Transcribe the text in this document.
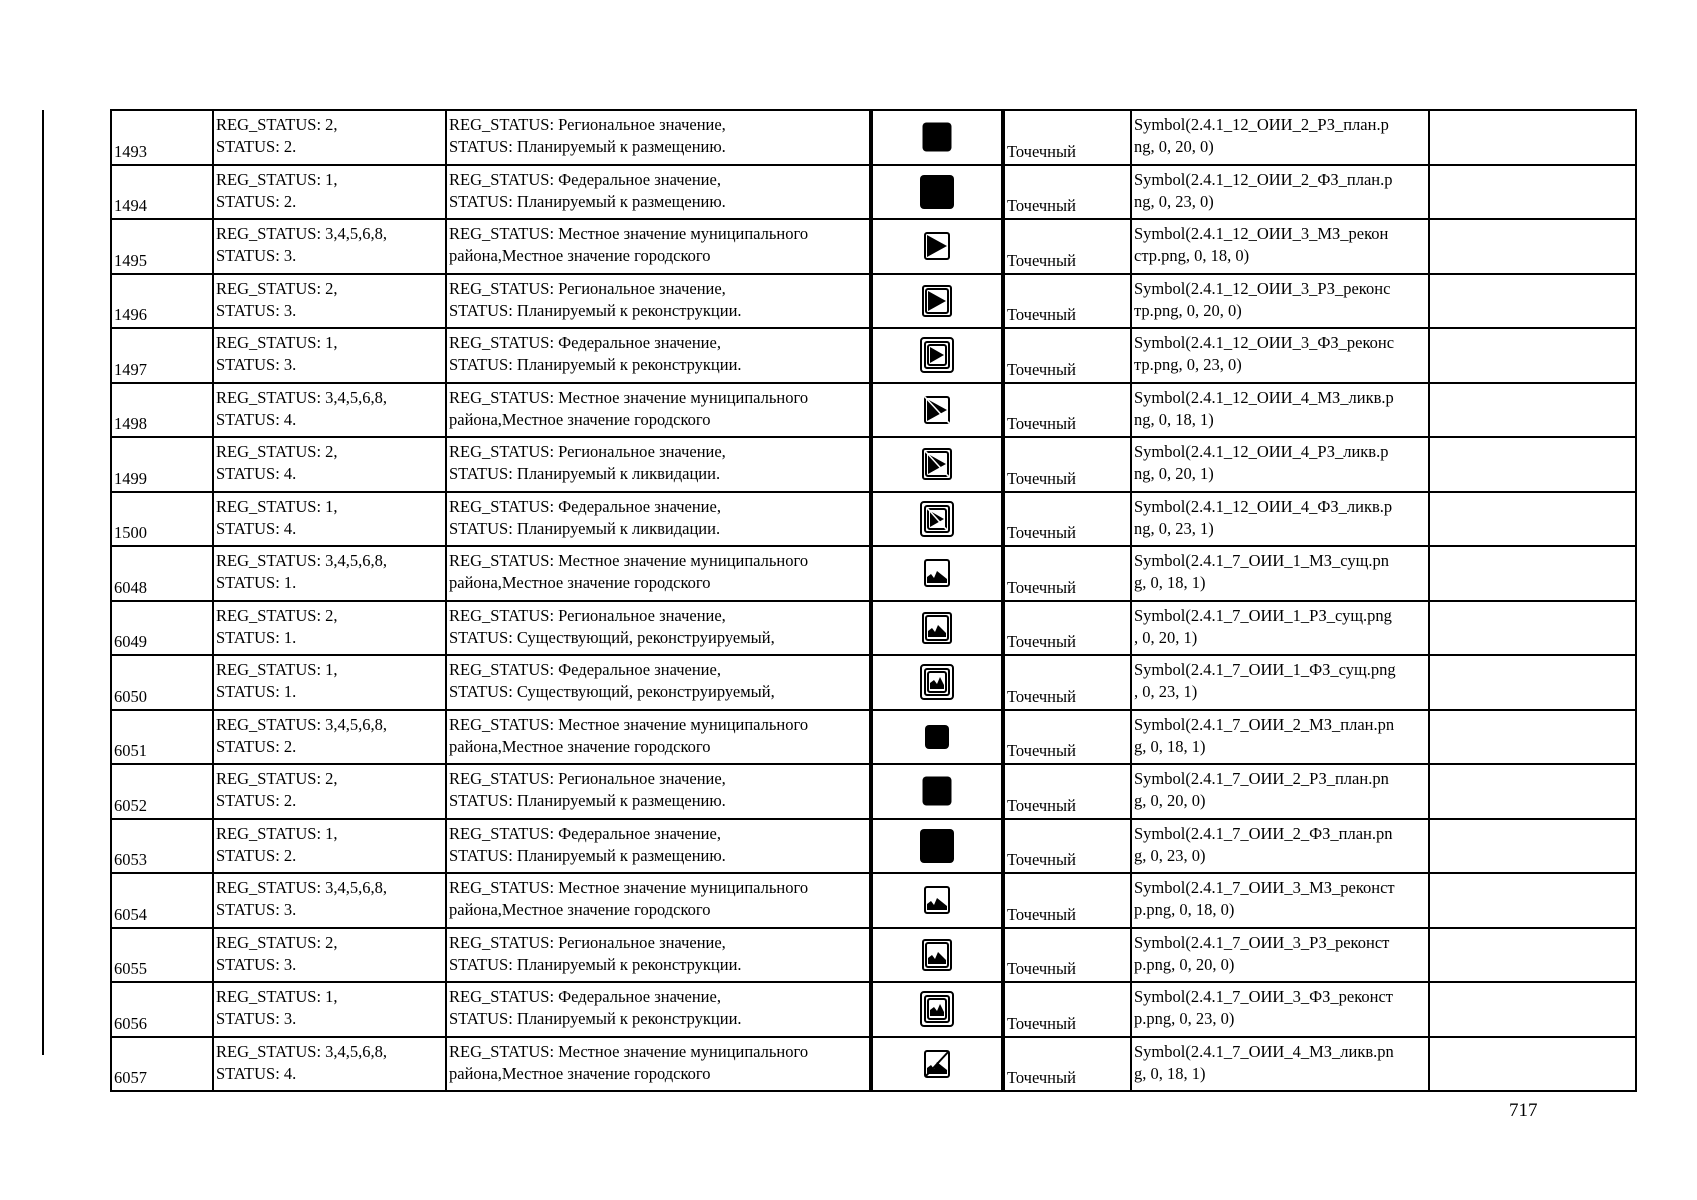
1493	REG_STATUS: 2,
STATUS: 2.	REG_STATUS: Региональное значение,
STATUS: Планируемый к размещению.		Точечный	Symbol(2.4.1_12_ОИИ_2_РЗ_план.p
ng, 0, 20, 0)	

1494	REG_STATUS: 1,
STATUS: 2.	REG_STATUS: Федеральное значение,
STATUS: Планируемый к размещению.		Точечный	Symbol(2.4.1_12_ОИИ_2_ФЗ_план.p
ng, 0, 23, 0)	

1495	REG_STATUS: 3,4,5,6,8,
STATUS: 3.	REG_STATUS: Местное значение муниципального
района,Местное значение городского		Точечный	Symbol(2.4.1_12_ОИИ_3_МЗ_рекон
стр.png, 0, 18, 0)	

1496	REG_STATUS: 2,
STATUS: 3.	REG_STATUS: Региональное значение,
STATUS: Планируемый к реконструкции.		Точечный	Symbol(2.4.1_12_ОИИ_3_РЗ_реконс
тр.png, 0, 20, 0)	

1497	REG_STATUS: 1,
STATUS: 3.	REG_STATUS: Федеральное значение,
STATUS: Планируемый к реконструкции.		Точечный	Symbol(2.4.1_12_ОИИ_3_ФЗ_реконс
тр.png, 0, 23, 0)	

1498	REG_STATUS: 3,4,5,6,8,
STATUS: 4.	REG_STATUS: Местное значение муниципального
района,Местное значение городского		Точечный	Symbol(2.4.1_12_ОИИ_4_МЗ_ликв.p
ng, 0, 18, 1)	

1499	REG_STATUS: 2,
STATUS: 4.	REG_STATUS: Региональное значение,
STATUS: Планируемый к ликвидации.		Точечный	Symbol(2.4.1_12_ОИИ_4_РЗ_ликв.p
ng, 0, 20, 1)	

1500	REG_STATUS: 1,
STATUS: 4.	REG_STATUS: Федеральное значение,
STATUS: Планируемый к ликвидации.		Точечный	Symbol(2.4.1_12_ОИИ_4_ФЗ_ликв.p
ng, 0, 23, 1)	

6048	REG_STATUS: 3,4,5,6,8,
STATUS: 1.	REG_STATUS: Местное значение муниципального
района,Местное значение городского		Точечный	Symbol(2.4.1_7_ОИИ_1_МЗ_сущ.pn
g, 0, 18, 1)	

6049	REG_STATUS: 2,
STATUS: 1.	REG_STATUS: Региональное значение,
STATUS: Существующий, реконструируемый,		Точечный	Symbol(2.4.1_7_ОИИ_1_РЗ_сущ.png
, 0, 20, 1)	

6050	REG_STATUS: 1,
STATUS: 1.	REG_STATUS: Федеральное значение,
STATUS: Существующий, реконструируемый,		Точечный	Symbol(2.4.1_7_ОИИ_1_ФЗ_сущ.png
, 0, 23, 1)	

6051	REG_STATUS: 3,4,5,6,8,
STATUS: 2.	REG_STATUS: Местное значение муниципального
района,Местное значение городского		Точечный	Symbol(2.4.1_7_ОИИ_2_МЗ_план.pn
g, 0, 18, 1)	

6052	REG_STATUS: 2,
STATUS: 2.	REG_STATUS: Региональное значение,
STATUS: Планируемый к размещению.		Точечный	Symbol(2.4.1_7_ОИИ_2_РЗ_план.pn
g, 0, 20, 0)	

6053	REG_STATUS: 1,
STATUS: 2.	REG_STATUS: Федеральное значение,
STATUS: Планируемый к размещению.		Точечный	Symbol(2.4.1_7_ОИИ_2_ФЗ_план.pn
g, 0, 23, 0)	

6054	REG_STATUS: 3,4,5,6,8,
STATUS: 3.	REG_STATUS: Местное значение муниципального
района,Местное значение городского		Точечный	Symbol(2.4.1_7_ОИИ_3_МЗ_реконст
р.png, 0, 18, 0)	

6055	REG_STATUS: 2,
STATUS: 3.	REG_STATUS: Региональное значение,
STATUS: Планируемый к реконструкции.		Точечный	Symbol(2.4.1_7_ОИИ_3_РЗ_реконст
р.png, 0, 20, 0)	

6056	REG_STATUS: 1,
STATUS: 3.	REG_STATUS: Федеральное значение,
STATUS: Планируемый к реконструкции.		Точечный	Symbol(2.4.1_7_ОИИ_3_ФЗ_реконст
р.png, 0, 23, 0)	

6057	REG_STATUS: 3,4,5,6,8,
STATUS: 4.	REG_STATUS: Местное значение муниципального
района,Местное значение городского		Точечный	Symbol(2.4.1_7_ОИИ_4_МЗ_ликв.pn
g, 0, 18, 1)	

717
